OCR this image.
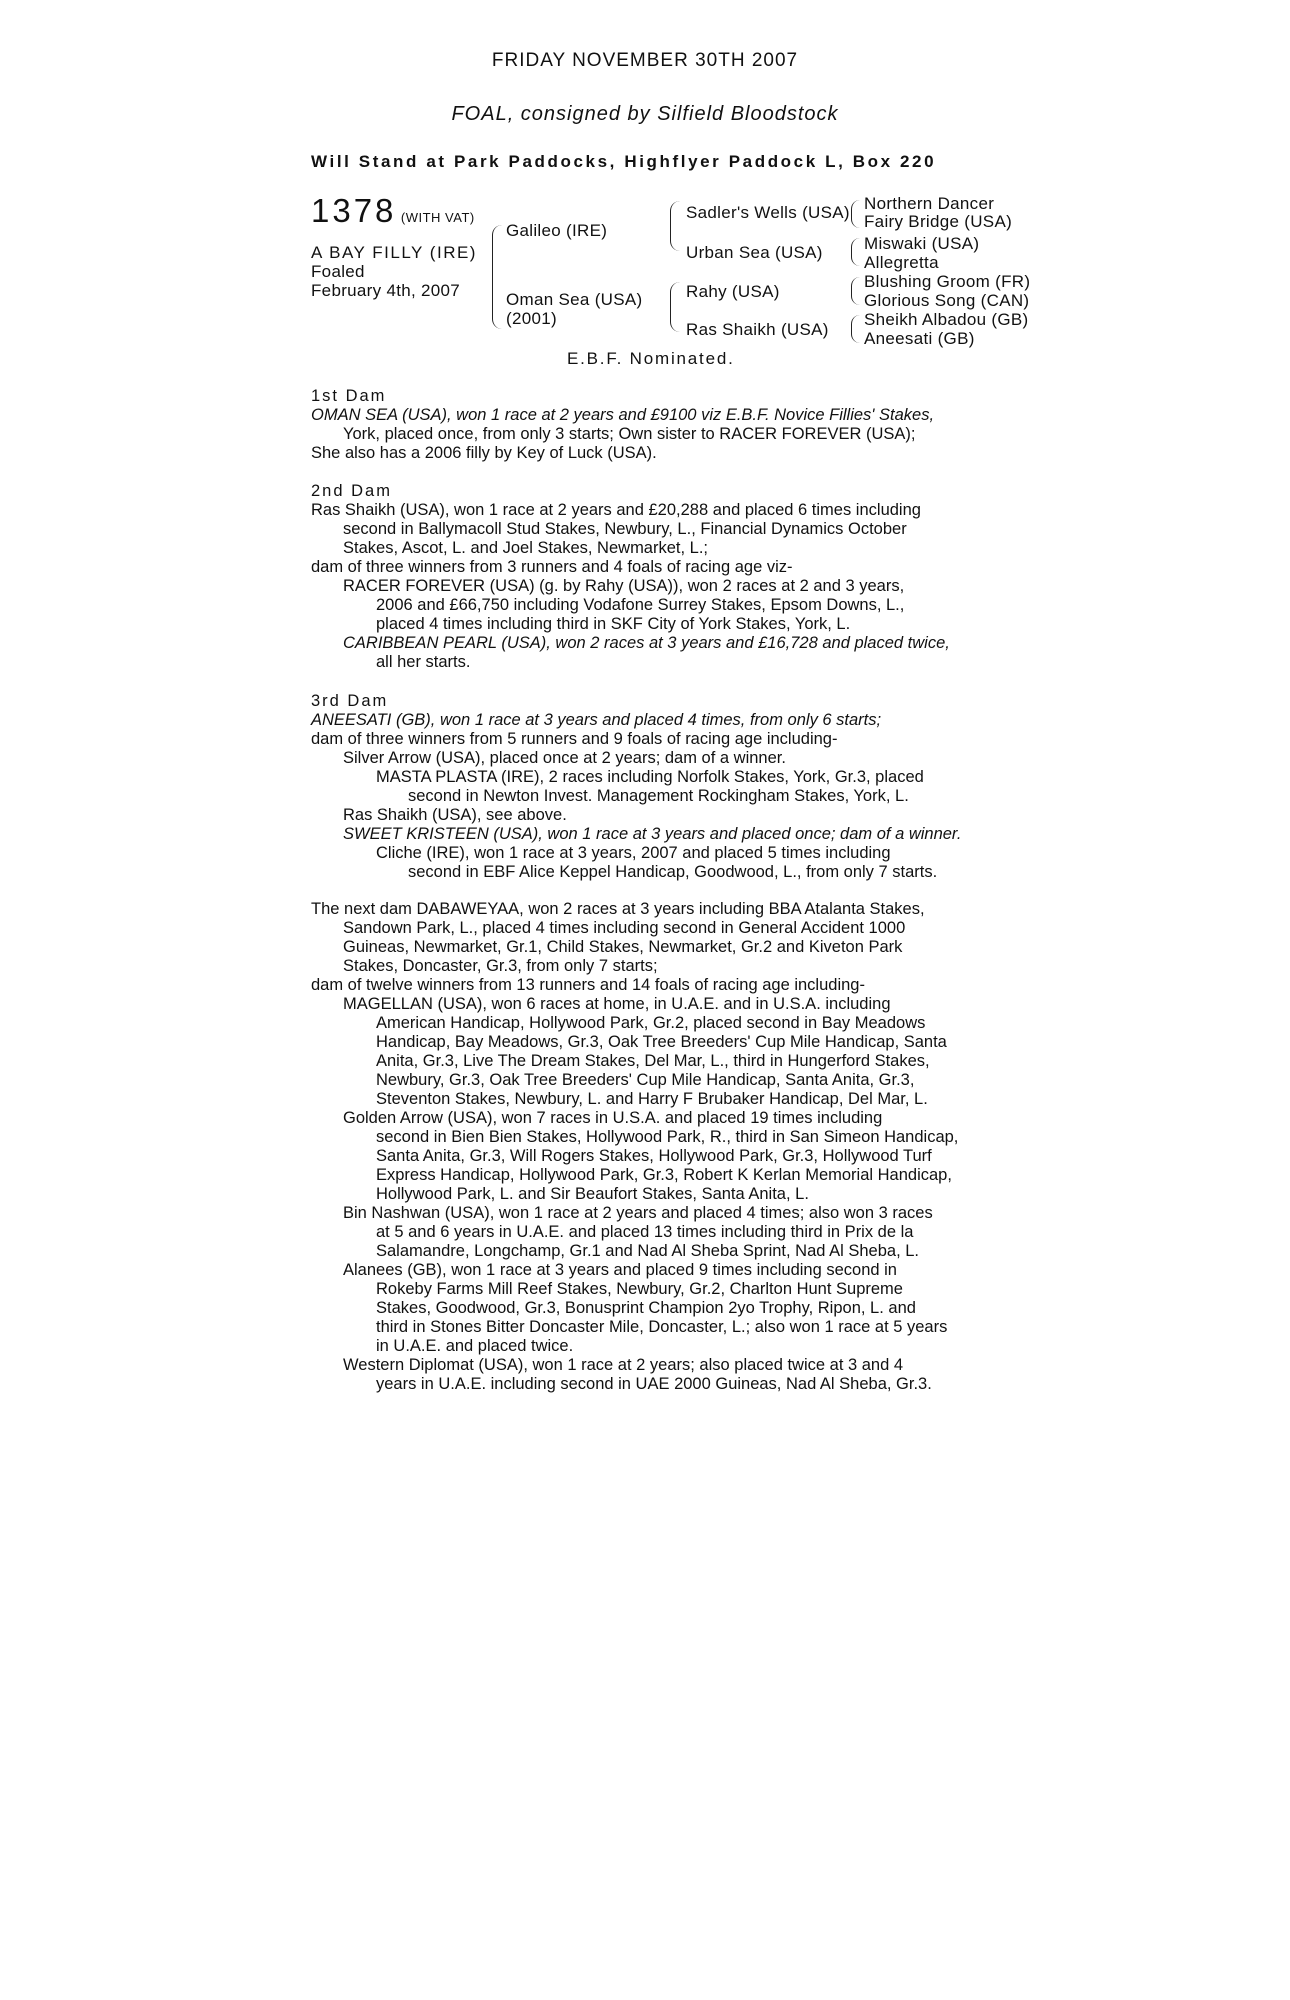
FRIDAY NOVEMBER 30TH 2007
FOAL, consigned by Silfield Bloodstock
Will Stand at Park Paddocks, Highflyer Paddock L, Box 220
1378 (WITH VAT)
A BAY FILLY (IRE)
Foaled
February 4th, 2007
Galileo (IRE)
Oman Sea (USA)
(2001)
Sadler's Wells (USA)
Urban Sea (USA)
Rahy (USA)
Ras Shaikh (USA)
Northern Dancer
Fairy Bridge (USA)
Miswaki (USA)
Allegretta
Blushing Groom (FR)
Glorious Song (CAN)
Sheikh Albadou (GB)
Aneesati (GB)
E.B.F. Nominated.
1st Dam
OMAN SEA (USA), won 1 race at 2 years and £9100 viz E.B.F. Novice Fillies' Stakes,
York, placed once, from only 3 starts; Own sister to RACER FOREVER (USA);
She also has a 2006 filly by Key of Luck (USA).
2nd Dam
Ras Shaikh (USA), won 1 race at 2 years and £20,288 and placed 6 times including
second in Ballymacoll Stud Stakes, Newbury, L., Financial Dynamics October
Stakes, Ascot, L. and Joel Stakes, Newmarket, L.;
dam of three winners from 3 runners and 4 foals of racing age viz-
RACER FOREVER (USA) (g. by Rahy (USA)), won 2 races at 2 and 3 years,
2006 and £66,750 including Vodafone Surrey Stakes, Epsom Downs, L.,
placed 4 times including third in SKF City of York Stakes, York, L.
CARIBBEAN PEARL (USA), won 2 races at 3 years and £16,728 and placed twice,
all her starts.
3rd Dam
ANEESATI (GB), won 1 race at 3 years and placed 4 times, from only 6 starts;
dam of three winners from 5 runners and 9 foals of racing age including-
Silver Arrow (USA), placed once at 2 years; dam of a winner.
MASTA PLASTA (IRE), 2 races including Norfolk Stakes, York, Gr.3, placed
second in Newton Invest. Management Rockingham Stakes, York, L.
Ras Shaikh (USA), see above.
SWEET KRISTEEN (USA), won 1 race at 3 years and placed once; dam of a winner.
Cliche (IRE), won 1 race at 3 years, 2007 and placed 5 times including
second in EBF Alice Keppel Handicap, Goodwood, L., from only 7 starts.
The next dam DABAWEYAA, won 2 races at 3 years including BBA Atalanta Stakes,
Sandown Park, L., placed 4 times including second in General Accident 1000
Guineas, Newmarket, Gr.1, Child Stakes, Newmarket, Gr.2 and Kiveton Park
Stakes, Doncaster, Gr.3, from only 7 starts;
dam of twelve winners from 13 runners and 14 foals of racing age including-
MAGELLAN (USA), won 6 races at home, in U.A.E. and in U.S.A. including
American Handicap, Hollywood Park, Gr.2, placed second in Bay Meadows
Handicap, Bay Meadows, Gr.3, Oak Tree Breeders' Cup Mile Handicap, Santa
Anita, Gr.3, Live The Dream Stakes, Del Mar, L., third in Hungerford Stakes,
Newbury, Gr.3, Oak Tree Breeders' Cup Mile Handicap, Santa Anita, Gr.3,
Steventon Stakes, Newbury, L. and Harry F Brubaker Handicap, Del Mar, L.
Golden Arrow (USA), won 7 races in U.S.A. and placed 19 times including
second in Bien Bien Stakes, Hollywood Park, R., third in San Simeon Handicap,
Santa Anita, Gr.3, Will Rogers Stakes, Hollywood Park, Gr.3, Hollywood Turf
Express Handicap, Hollywood Park, Gr.3, Robert K Kerlan Memorial Handicap,
Hollywood Park, L. and Sir Beaufort Stakes, Santa Anita, L.
Bin Nashwan (USA), won 1 race at 2 years and placed 4 times; also won 3 races
at 5 and 6 years in U.A.E. and placed 13 times including third in Prix de la
Salamandre, Longchamp, Gr.1 and Nad Al Sheba Sprint, Nad Al Sheba, L.
Alanees (GB), won 1 race at 3 years and placed 9 times including second in
Rokeby Farms Mill Reef Stakes, Newbury, Gr.2, Charlton Hunt Supreme
Stakes, Goodwood, Gr.3, Bonusprint Champion 2yo Trophy, Ripon, L. and
third in Stones Bitter Doncaster Mile, Doncaster, L.; also won 1 race at 5 years
in U.A.E. and placed twice.
Western Diplomat (USA), won 1 race at 2 years; also placed twice at 3 and 4
years in U.A.E. including second in UAE 2000 Guineas, Nad Al Sheba, Gr.3.
